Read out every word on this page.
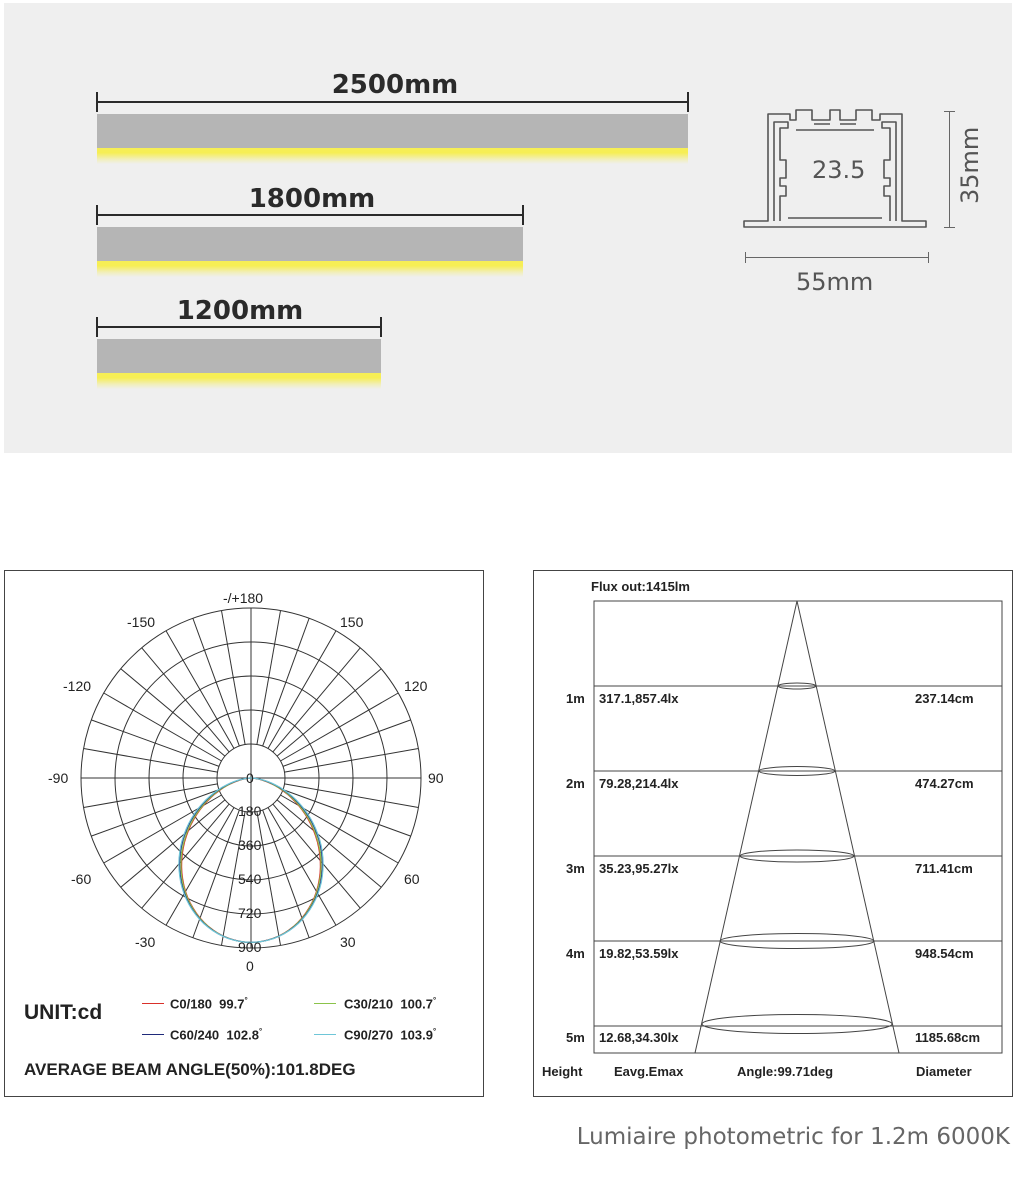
2500mm
1800mm
1200mm
23.5	35mm
55mm
-/+180
-150	150
-120	120
-90	90
-60	60
-30	30
0
0
180
360
540
720
900
UNIT:cd	C0/180 99.7°	C30/210 100.7°
C60/240 102.8°	C90/270 103.9°
AVERAGE BEAM ANGLE(50%):101.8DEG
Flux out:1415lm
1m 317.1,857.4lx	237.14cm
2m 79.28,214.4lx	474.27cm
3m 35.23,95.27lx	711.41cm
4m 19.82,53.59lx	948.54cm
5m 12.68,34.30lx	1185.68cm
Height Eavg.Emax	Angle:99.71deg	Diameter
Lumiaire photometric for 1.2m 6000K
